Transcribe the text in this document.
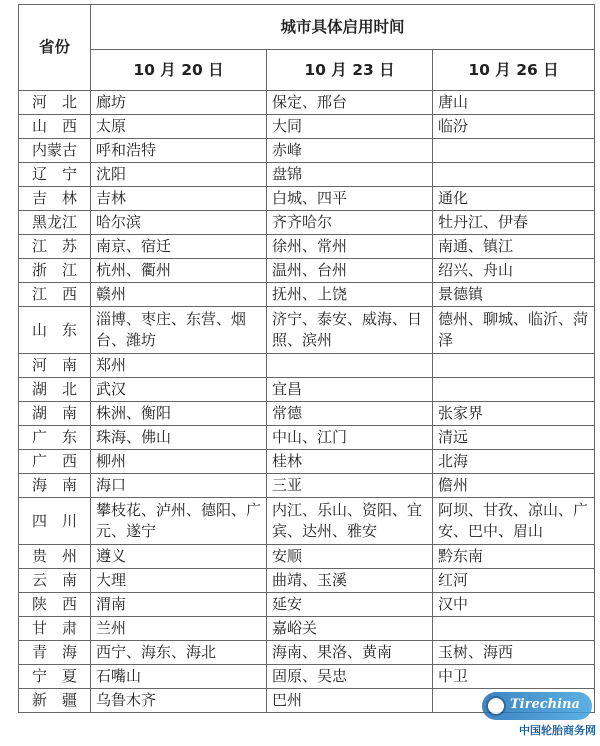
省份	城市具体启用时间		
	10 月 20 日	10 月 23 日	10 月 26 日
河　北	廊坊	保定、邢台	唐山
山　西	太原	大同	临汾
内蒙古	呼和浩特	赤峰	
辽　宁	沈阳	盘锦	
吉　林	吉林	白城、四平	通化
黑龙江	哈尔滨	齐齐哈尔	牡丹江、伊春
江　苏	南京、宿迁	徐州、常州	南通、镇江
浙　江	杭州、衢州	温州、台州	绍兴、舟山
江　西	赣州	抚州、上饶	景德镇
山　东	淄博、枣庄、东营、烟台、潍坊	济宁、泰安、威海、日照、滨州	德州、聊城、临沂、菏泽
河　南	郑州		
湖　北	武汉	宜昌	
湖　南	株洲、衡阳	常德	张家界
广　东	珠海、佛山	中山、江门	清远
广　西	柳州	桂林	北海
海　南	海口	三亚	儋州
四　川	攀枝花、泸州、德阳、广元、遂宁	内江、乐山、资阳、宜宾、达州、雅安	阿坝、甘孜、凉山、广安、巴中、眉山
贵　州	遵义	安顺	黔东南
云　南	大理	曲靖、玉溪	红河
陕　西	渭南	延安	汉中
甘　肃	兰州	嘉峪关	
青　海	西宁、海东、海北	海南、果洛、黄南	玉树、海西
宁　夏	石嘴山	固原、吴忠	中卫
新　疆	乌鲁木齐	巴州		Tirechina
中国轮胎商务网
